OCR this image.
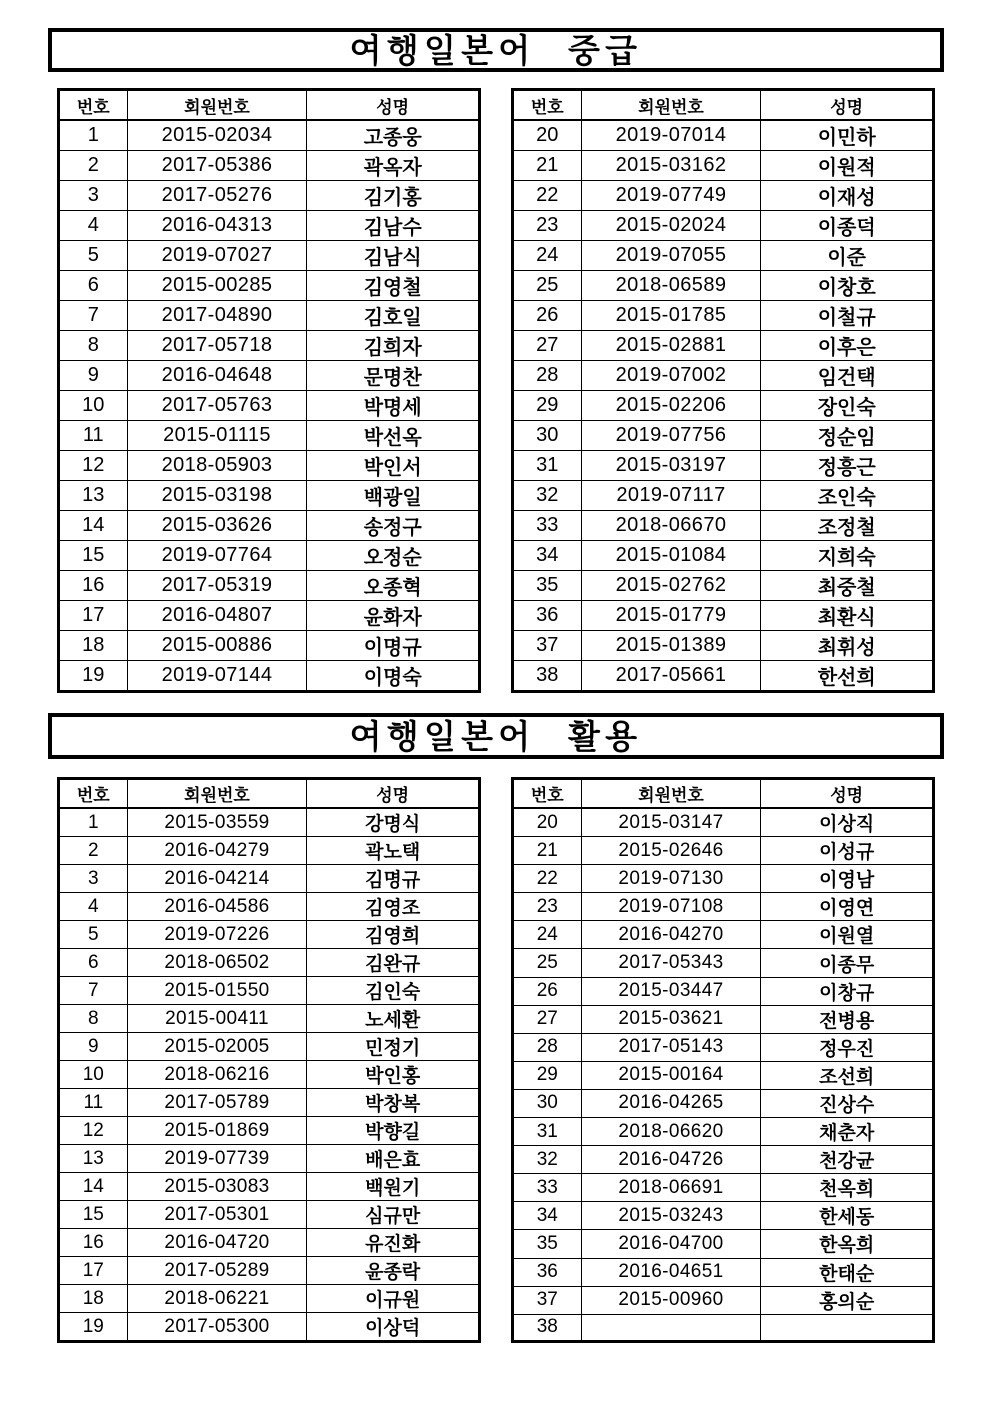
여행일본어 중급
번호	회원번호	성명
1	2015-02034	고종웅
2	2017-05386	곽옥자
3	2017-05276	김기홍
4	2016-04313	김남수
5	2019-07027	김남식
6	2015-00285	김영철
7	2017-04890	김호일
8	2017-05718	김희자
9	2016-04648	문명찬
10	2017-05763	박명세
11	2015-01115	박선옥
12	2018-05903	박인서
13	2015-03198	백광일
14	2015-03626	송정구
15	2019-07764	오정순
16	2017-05319	오종혁
17	2016-04807	윤화자
18	2015-00886	이명규
19	2019-07144	이명숙
번호	회원번호	성명
20	2019-07014	이민하
21	2015-03162	이원적
22	2019-07749	이재성
23	2015-02024	이종덕
24	2019-07055	이준
25	2018-06589	이창호
26	2015-01785	이철규
27	2015-02881	이후은
28	2019-07002	임건택
29	2015-02206	장인숙
30	2019-07756	정순임
31	2015-03197	정흥근
32	2019-07117	조인숙
33	2018-06670	조정철
34	2015-01084	지희숙
35	2015-02762	최중철
36	2015-01779	최환식
37	2015-01389	최휘성
38	2017-05661	한선희
여행일본어 활용
번호	회원번호	성명
1	2015-03559	강명식
2	2016-04279	곽노택
3	2016-04214	김명규
4	2016-04586	김영조
5	2019-07226	김영희
6	2018-06502	김완규
7	2015-01550	김인숙
8	2015-00411	노세환
9	2015-02005	민정기
10	2018-06216	박인홍
11	2017-05789	박창복
12	2015-01869	박향길
13	2019-07739	배은효
14	2015-03083	백원기
15	2017-05301	심규만
16	2016-04720	유진화
17	2017-05289	윤종락
18	2018-06221	이규원
19	2017-05300	이상덕
번호	회원번호	성명
20	2015-03147	이상직
21	2015-02646	이성규
22	2019-07130	이영남
23	2019-07108	이영연
24	2016-04270	이원열
25	2017-05343	이종무
26	2015-03447	이창규
27	2015-03621	전병용
28	2017-05143	정우진
29	2015-00164	조선희
30	2016-04265	진상수
31	2018-06620	채춘자
32	2016-04726	천강균
33	2018-06691	천옥희
34	2015-03243	한세동
35	2016-04700	한옥희
36	2016-04651	한태순
37	2015-00960	홍의순
38		
